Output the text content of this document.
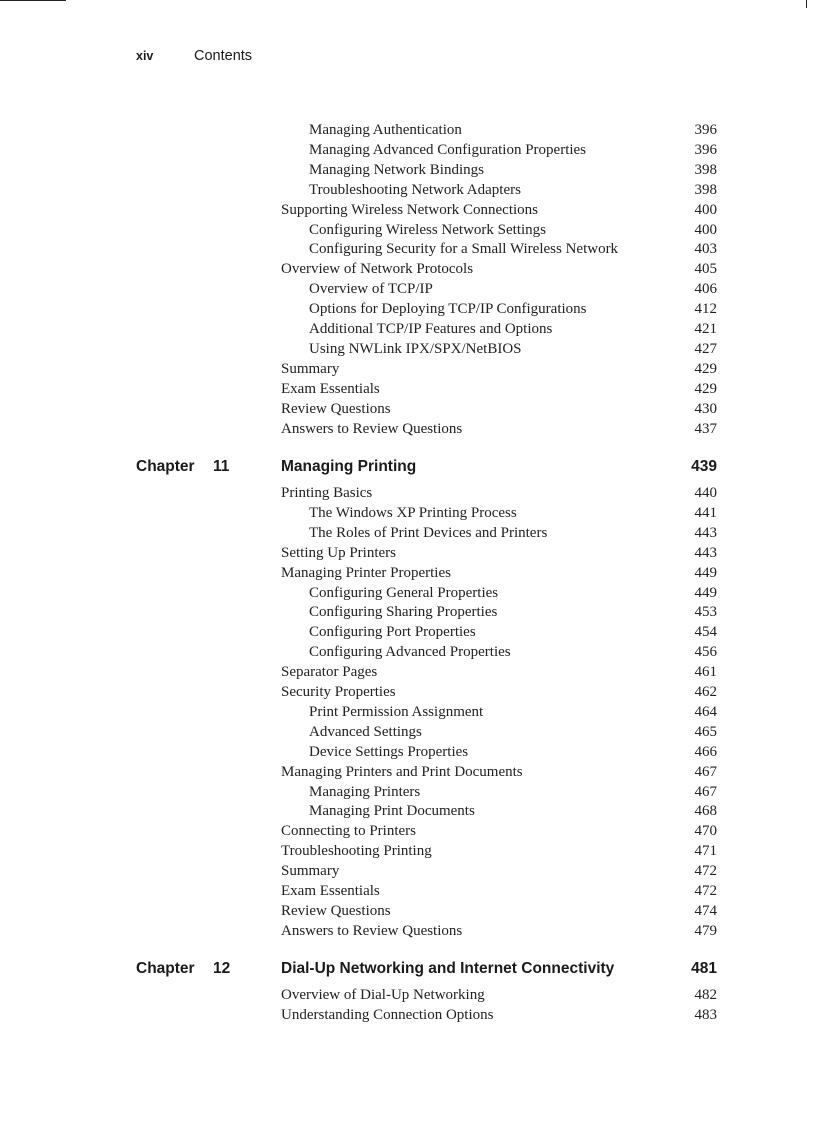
xiv	Contents
Managing Authentication	396
Managing Advanced Configuration Properties	396
Managing Network Bindings	398
Troubleshooting Network Adapters	398
Supporting Wireless Network Connections	400
Configuring Wireless Network Settings	400
Configuring Security for a Small Wireless Network	403
Overview of Network Protocols	405
Overview of TCP/IP	406
Options for Deploying TCP/IP Configurations	412
Additional TCP/IP Features and Options	421
Using NWLink IPX/SPX/NetBIOS	427
Summary	429
Exam Essentials	429
Review Questions	430
Answers to Review Questions	437
Chapter 11	Managing Printing	439
Printing Basics	440
The Windows XP Printing Process	441
The Roles of Print Devices and Printers	443
Setting Up Printers	443
Managing Printer Properties	449
Configuring General Properties	449
Configuring Sharing Properties	453
Configuring Port Properties	454
Configuring Advanced Properties	456
Separator Pages	461
Security Properties	462
Print Permission Assignment	464
Advanced Settings	465
Device Settings Properties	466
Managing Printers and Print Documents	467
Managing Printers	467
Managing Print Documents	468
Connecting to Printers	470
Troubleshooting Printing	471
Summary	472
Exam Essentials	472
Review Questions	474
Answers to Review Questions	479
Chapter 12	Dial-Up Networking and Internet Connectivity	481
Overview of Dial-Up Networking	482
Understanding Connection Options	483
